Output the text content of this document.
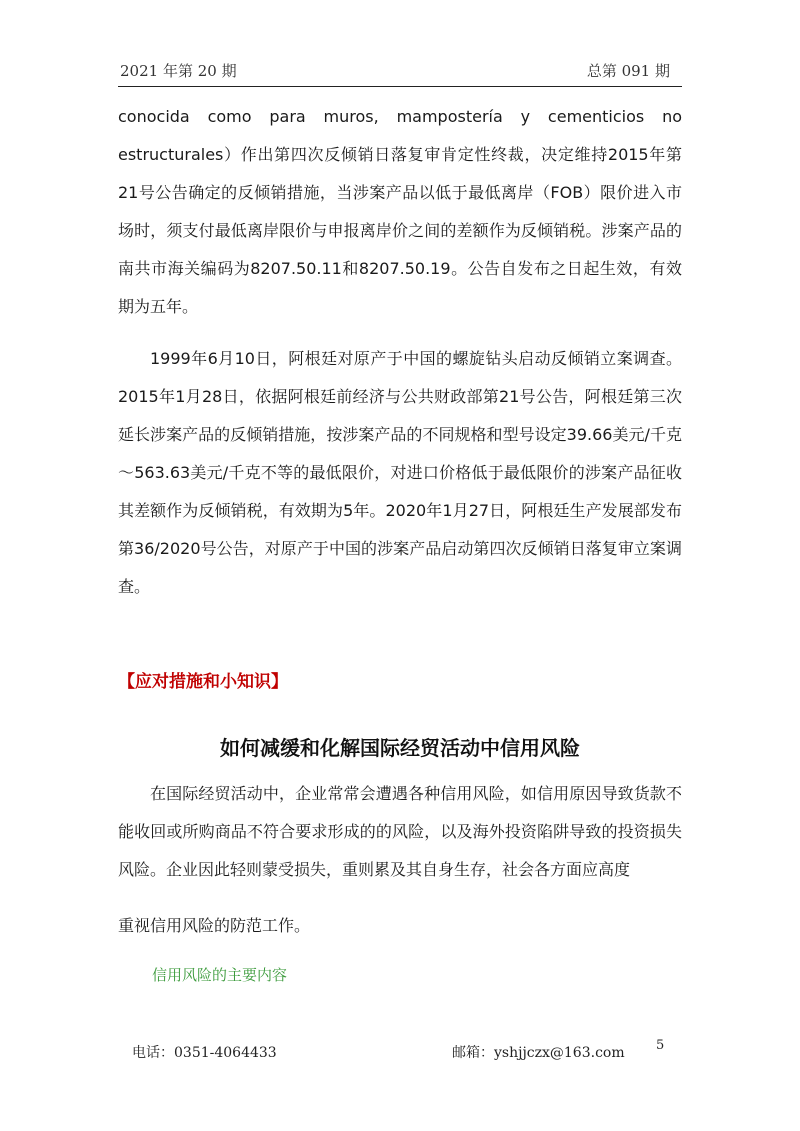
2021 年第 20 期	总第 091 期

conocida como para muros, mampostería y cementicios no estructurales）作出第四次反倾销日落复审肯定性终裁，决定维持2015年第21号公告确定的反倾销措施，当涉案产品以低于最低离岸（FOB）限价进入市场时，须支付最低离岸限价与申报离岸价之间的差额作为反倾销税。涉案产品的南共市海关编码为8207.50.11和8207.50.19。公告自发布之日起生效，有效期为五年。

1999年6月10日，阿根廷对原产于中国的螺旋钻头启动反倾销立案调查。2015年1月28日，依据阿根廷前经济与公共财政部第21号公告，阿根廷第三次延长涉案产品的反倾销措施，按涉案产品的不同规格和型号设定39.66美元/千克～563.63美元/千克不等的最低限价，对进口价格低于最低限价的涉案产品征收其差额作为反倾销税，有效期为5年。2020年1月27日，阿根廷生产发展部发布第36/2020号公告，对原产于中国的涉案产品启动第四次反倾销日落复审立案调查。

【应对措施和小知识】
如何减缓和化解国际经贸活动中信用风险

在国际经贸活动中，企业常常会遭遇各种信用风险，如信用原因导致货款不能收回或所购商品不符合要求形成的的风险，以及海外投资陷阱导致的投资损失风险。企业因此轻则蒙受损失，重则累及其自身生存，社会各方面应高度

重视信用风险的防范工作。

信用风险的主要内容
电话：0351-4064433	邮箱：yshjjczx@163.com 5
